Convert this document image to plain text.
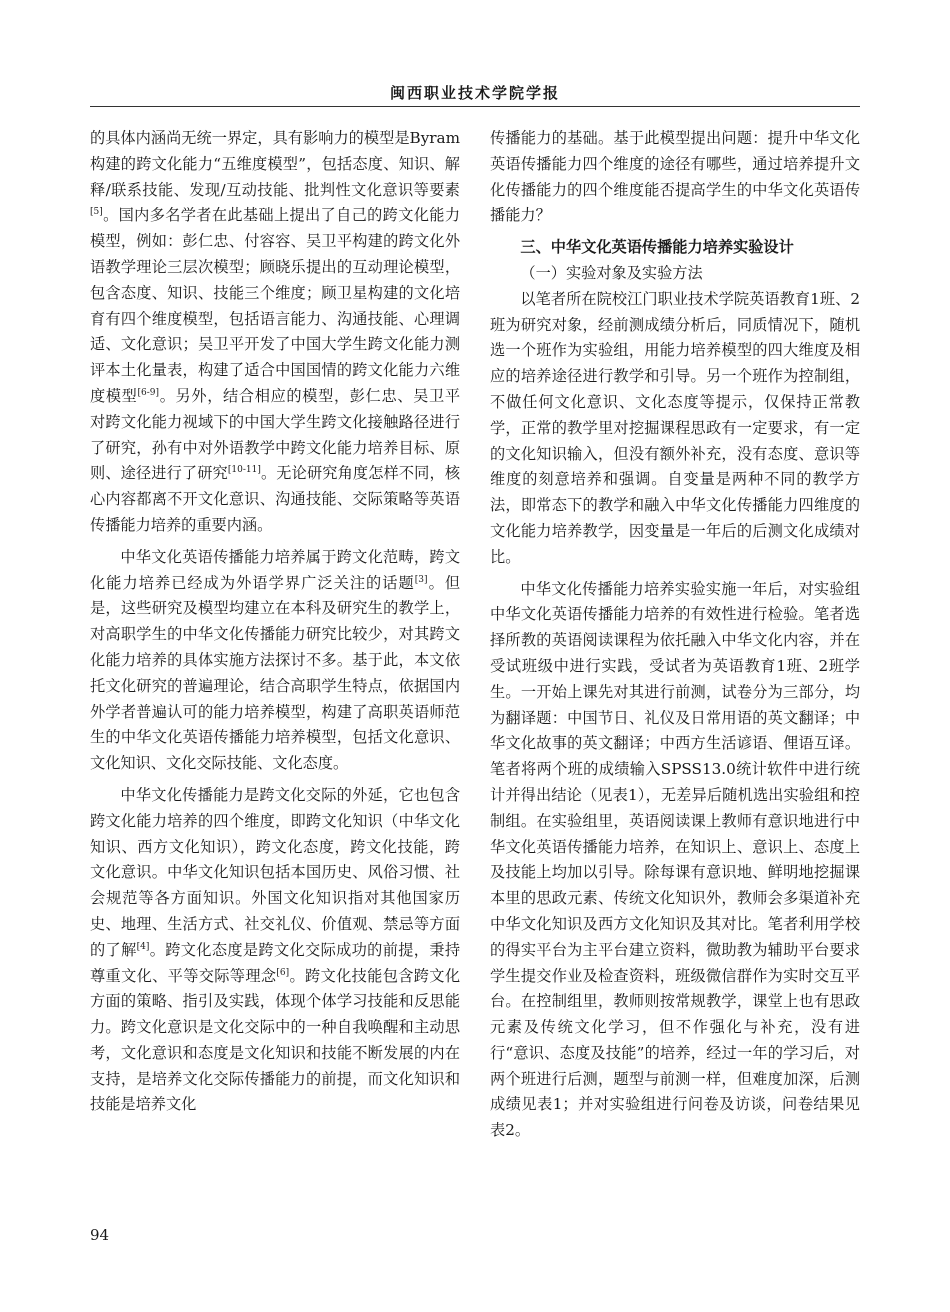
闽西职业技术学院学报

的具体内涵尚无统一界定，具有影响力的模型是Byram构建的跨文化能力“五维度模型”，包括态度、知识、解释/联系技能、发现/互动技能、批判性文化意识等要素[5]。国内多名学者在此基础上提出了自己的跨文化能力模型，例如：彭仁忠、付容容、吴卫平构建的跨文化外语教学理论三层次模型；顾晓乐提出的互动理论模型，包含态度、知识、技能三个维度；顾卫星构建的文化培育有四个维度模型，包括语言能力、沟通技能、心理调适、文化意识；吴卫平开发了中国大学生跨文化能力测评本土化量表，构建了适合中国国情的跨文化能力六维度模型[6-9]。另外，结合相应的模型，彭仁忠、吴卫平对跨文化能力视域下的中国大学生跨文化接触路径进行了研究，孙有中对外语教学中跨文化能力培养目标、原则、途径进行了研究[10-11]。无论研究角度怎样不同，核心内容都离不开文化意识、沟通技能、交际策略等英语传播能力培养的重要内涵。

中华文化英语传播能力培养属于跨文化范畴，跨文化能力培养已经成为外语学界广泛关注的话题[3]。但是，这些研究及模型均建立在本科及研究生的教学上，对高职学生的中华文化传播能力研究比较少，对其跨文化能力培养的具体实施方法探讨不多。基于此，本文依托文化研究的普遍理论，结合高职学生特点，依据国内外学者普遍认可的能力培养模型，构建了高职英语师范生的中华文化英语传播能力培养模型，包括文化意识、文化知识、文化交际技能、文化态度。

中华文化传播能力是跨文化交际的外延，它也包含跨文化能力培养的四个维度，即跨文化知识（中华文化知识、西方文化知识），跨文化态度，跨文化技能，跨文化意识。中华文化知识包括本国历史、风俗习惯、社会规范等各方面知识。外国文化知识指对其他国家历史、地理、生活方式、社交礼仪、价值观、禁忌等方面的了解[4]。跨文化态度是跨文化交际成功的前提，秉持尊重文化、平等交际等理念[6]。跨文化技能包含跨文化方面的策略、指引及实践，体现个体学习技能和反思能力。跨文化意识是文化交际中的一种自我唤醒和主动思考，文化意识和态度是文化知识和技能不断发展的内在支持，是培养文化交际传播能力的前提，而文化知识和技能是培养文化

传播能力的基础。基于此模型提出问题：提升中华文化英语传播能力四个维度的途径有哪些，通过培养提升文化传播能力的四个维度能否提高学生的中华文化英语传播能力？

三、中华文化英语传播能力培养实验设计
（一）实验对象及实验方法

以笔者所在院校江门职业技术学院英语教育1班、2班为研究对象，经前测成绩分析后，同质情况下，随机选一个班作为实验组，用能力培养模型的四大维度及相应的培养途径进行教学和引导。另一个班作为控制组，不做任何文化意识、文化态度等提示，仅保持正常教学，正常的教学里对挖掘课程思政有一定要求，有一定的文化知识输入，但没有额外补充，没有态度、意识等维度的刻意培养和强调。自变量是两种不同的教学方法，即常态下的教学和融入中华文化传播能力四维度的文化能力培养教学，因变量是一年后的后测文化成绩对比。

中华文化传播能力培养实验实施一年后，对实验组中华文化英语传播能力培养的有效性进行检验。笔者选择所教的英语阅读课程为依托融入中华文化内容，并在受试班级中进行实践，受试者为英语教育1班、2班学生。一开始上课先对其进行前测，试卷分为三部分，均为翻译题：中国节日、礼仪及日常用语的英文翻译；中华文化故事的英文翻译；中西方生活谚语、俚语互译。笔者将两个班的成绩输入SPSS13.0统计软件中进行统计并得出结论（见表1），无差异后随机选出实验组和控制组。在实验组里，英语阅读课上教师有意识地进行中华文化英语传播能力培养，在知识上、意识上、态度上及技能上均加以引导。除每课有意识地、鲜明地挖掘课本里的思政元素、传统文化知识外，教师会多渠道补充中华文化知识及西方文化知识及其对比。笔者利用学校的得实平台为主平台建立资料，微助教为辅助平台要求学生提交作业及检查资料，班级微信群作为实时交互平台。在控制组里，教师则按常规教学，课堂上也有思政元素及传统文化学习，但不作强化与补充，没有进行“意识、态度及技能”的培养，经过一年的学习后，对两个班进行后测，题型与前测一样，但难度加深，后测成绩见表1；并对实验组进行问卷及访谈，问卷结果见表2。

94
